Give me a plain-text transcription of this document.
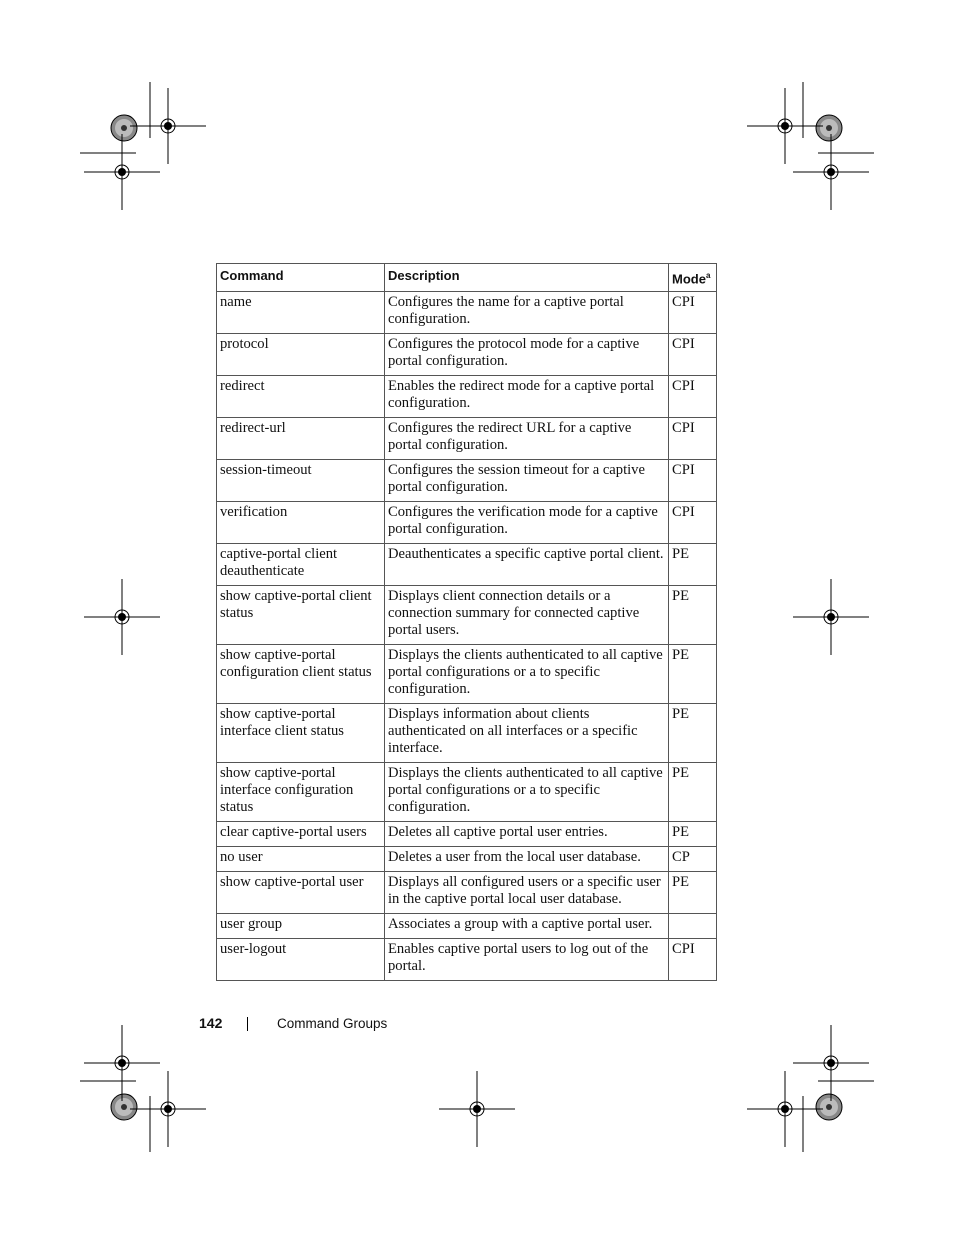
Command	Description	Mode$^a$
name	Configures the name for a captive portal configuration.	CPI
protocol	Configures the protocol mode for a captive portal configuration.	CPI
redirect	Enables the redirect mode for a captive portal configuration.	CPI
redirect-url	Configures the redirect URL for a captive portal configuration.	CPI
session-timeout	Configures the session timeout for a captive portal configuration.	CPI
verification	Configures the verification mode for a captive portal configuration.	CPI
captive-portal client deauthenticate	Deauthenticates a specific captive portal client.	PE
show captive-portal client status	Displays client connection details or a connection summary for connected captive portal users.	PE
show captive-portal configuration client status	Displays the clients authenticated to all captive portal configurations or a to specific configuration.	PE
show captive-portal interface client status	Displays information about clients authenticated on all interfaces or a specific interface.	PE
show captive-portal interface configuration status	Displays the clients authenticated to all captive portal configurations or a to specific configuration.	PE
clear captive-portal users	Deletes all captive portal user entries.	PE
no user	Deletes a user from the local user database.	CP
show captive-portal user	Displays all configured users or a specific user in the captive portal local user database.	PE
user group	Associates a group with a captive portal user.	
user-logout	Enables captive portal users to log out of the portal.	CPI
142	Command Groups
